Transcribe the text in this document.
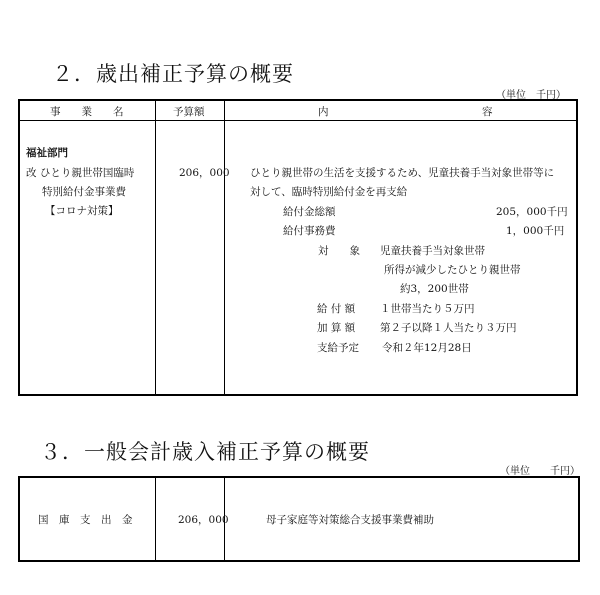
２．歳出補正予算の概要
（単位　千円）
事　　業　　名	予算額	内	容
福祉部門
改 ひとり親世帯国臨時
特別給付金事業費
【コロナ対策】
206，000 ひとり親世帯の生活を支援するため、児童扶養手当対象世帯等に
対して、臨時特別給付金を再支給
給付金総額	205，000千円
給付事務費	1，000千円
対　　象 児童扶養手当対象世帯
所得が減少したひとり親世帯
約3，200世帯
給 付 額 １世帯当たり５万円
加 算 額 第２子以降１人当たり３万円
支給予定 令和２年12月28日
３．一般会計歳入補正予算の概要
（単位　　千円）
国　庫　支　出　金	206，000	母子家庭等対策総合支援事業費補助
